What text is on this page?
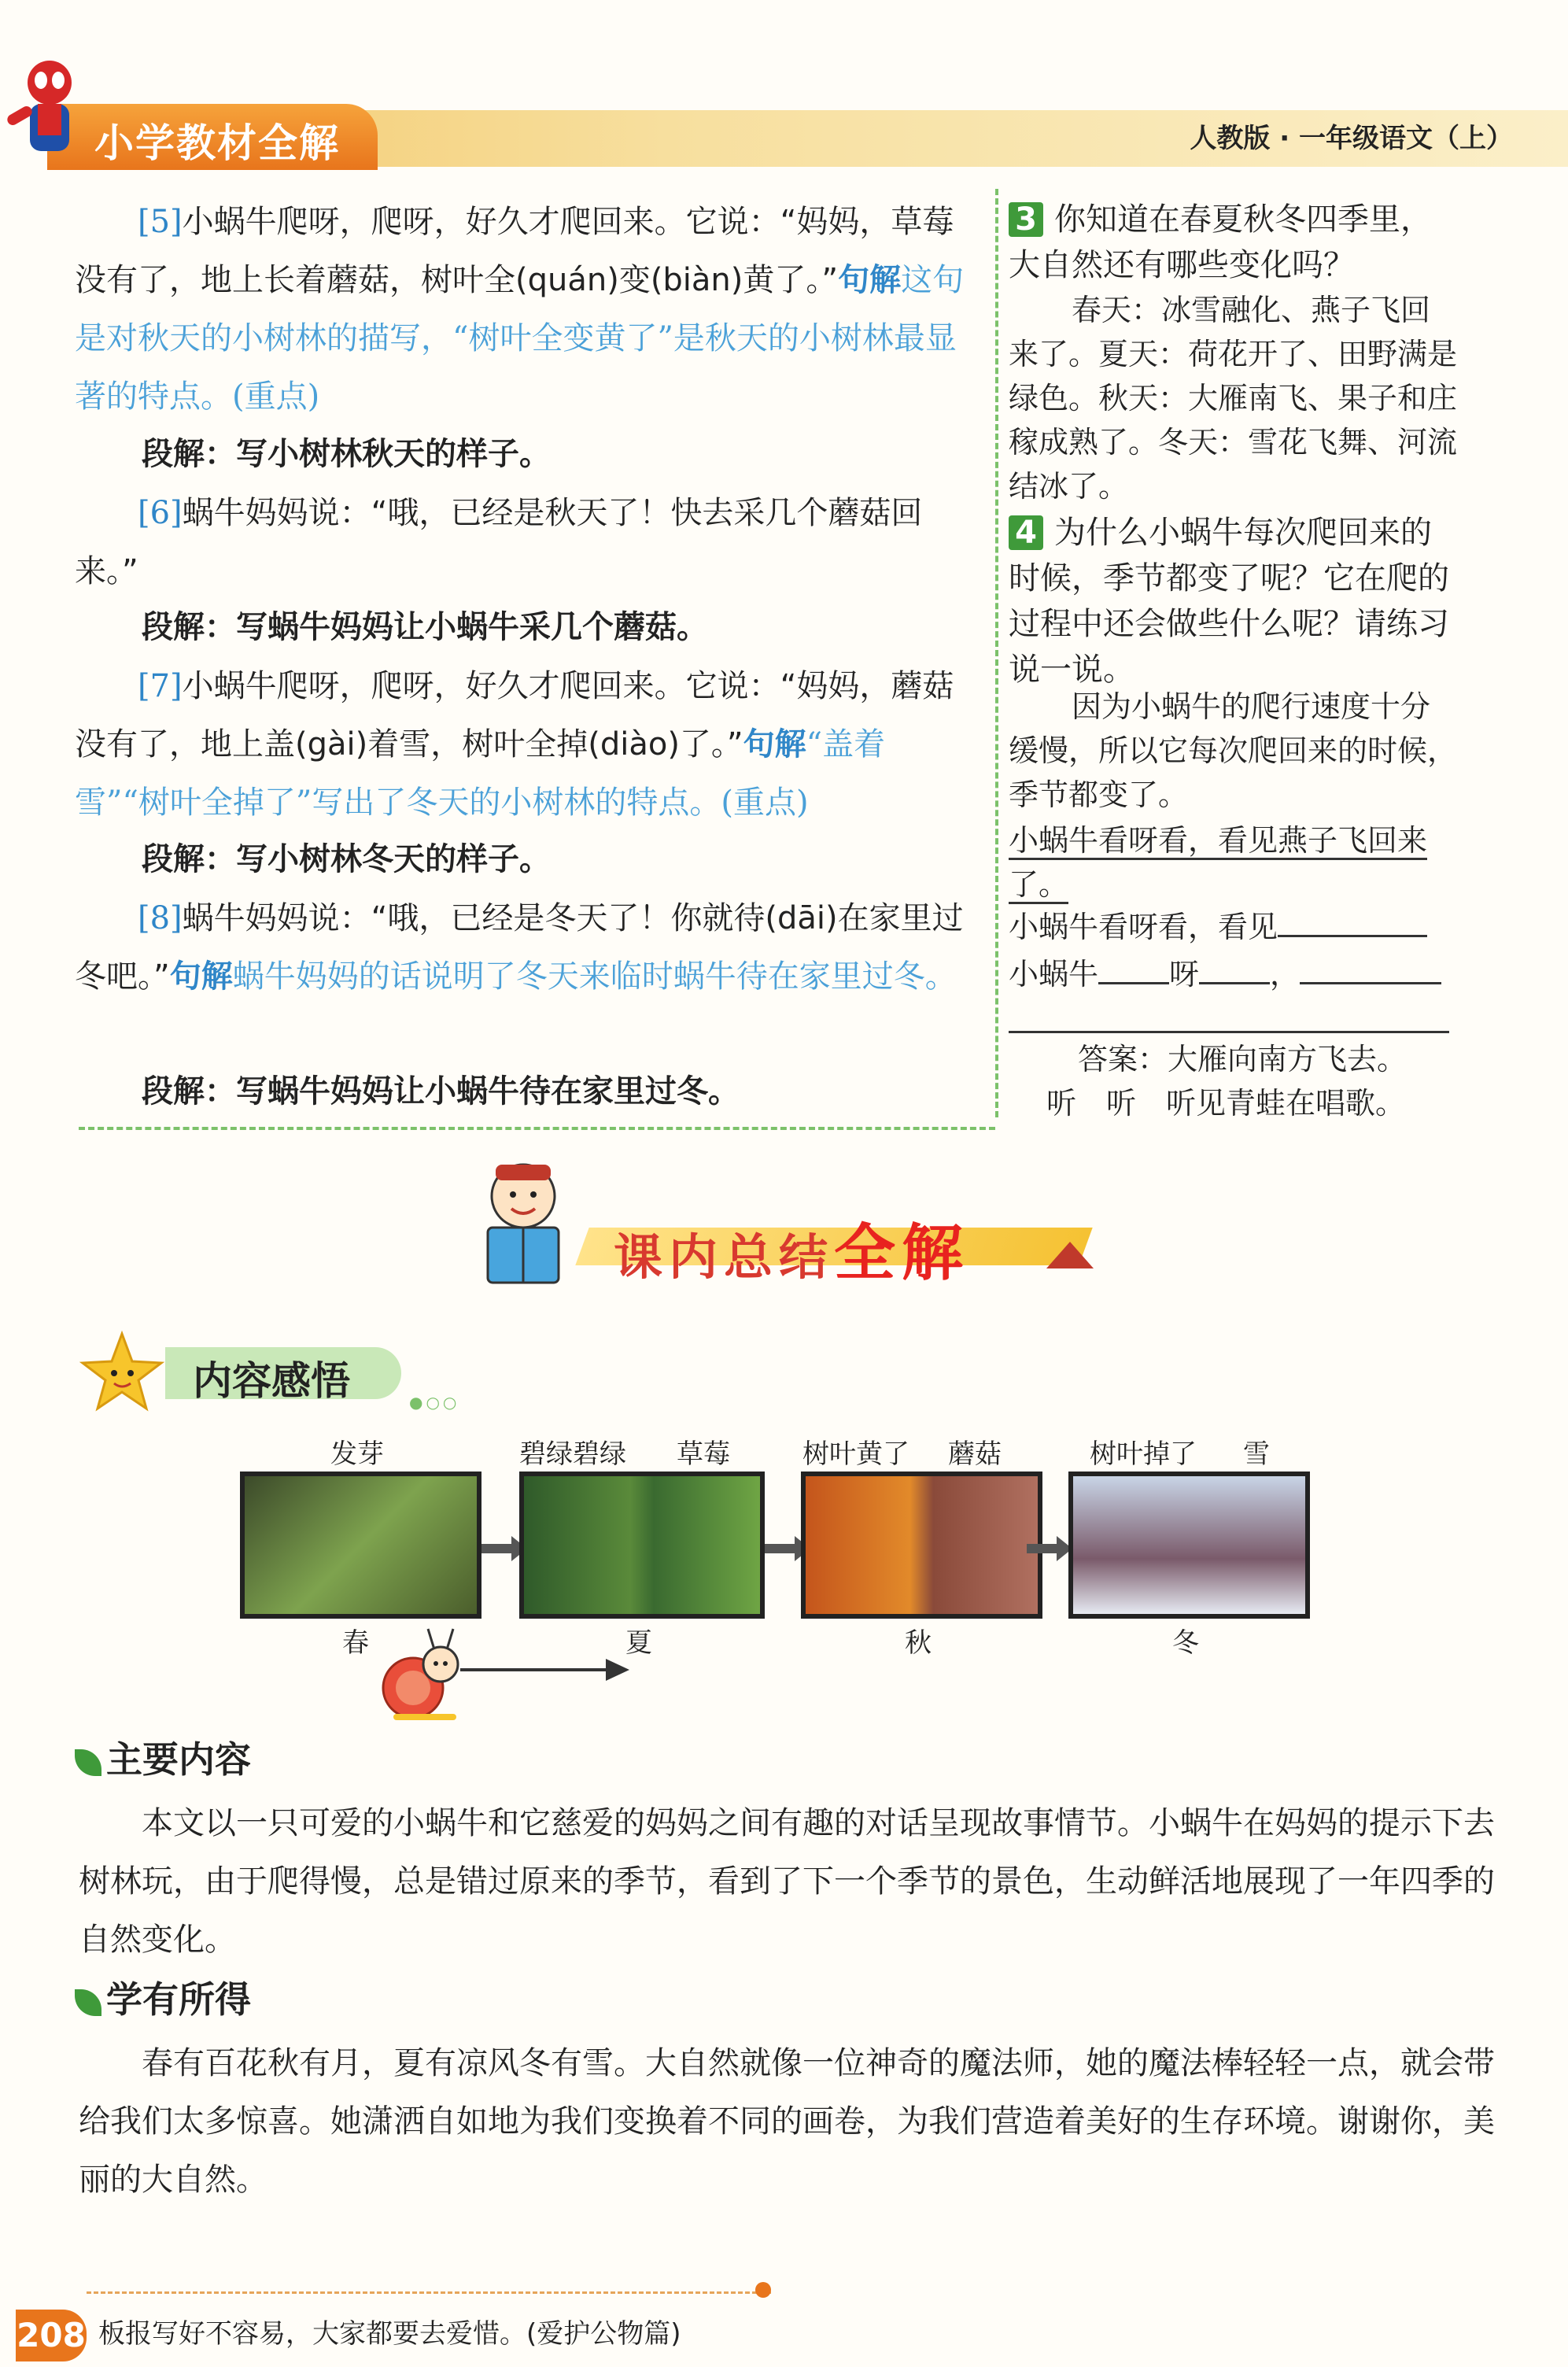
小学教材全解	人教版 · 一年级语文（上）
[5]小蜗牛爬呀，爬呀，好久才爬回来。它说：“妈妈，草莓没有了，地上长着蘑菇，树叶全(quán)变(biàn)黄了。”句解这句是对秋天的小树林的描写，“树叶全变黄了”是秋天的小树林最显著的特点。(重点)
段解：写小树林秋天的样子。
[6]蜗牛妈妈说：“哦，已经是秋天了！快去采几个蘑菇回来。”
段解：写蜗牛妈妈让小蜗牛采几个蘑菇。
[7]小蜗牛爬呀，爬呀，好久才爬回来。它说：“妈妈，蘑菇没有了，地上盖(gài)着雪，树叶全掉(diào)了。”句解“盖着雪”“树叶全掉了”写出了冬天的小树林的特点。(重点)
段解：写小树林冬天的样子。
[8]蜗牛妈妈说：“哦，已经是冬天了！你就待(dāi)在家里过冬吧。”句解蜗牛妈妈的话说明了冬天来临时蜗牛待在家里过冬。
段解：写蜗牛妈妈让小蜗牛待在家里过冬。
3 你知道在春夏秋冬四季里，大自然还有哪些变化吗？
春天：冰雪融化、燕子飞回来了。夏天：荷花开了、田野满是绿色。秋天：大雁南飞、果子和庄稼成熟了。冬天：雪花飞舞、河流结冰了。
4 为什么小蜗牛每次爬回来的时候，季节都变了呢？它在爬的过程中还会做些什么呢？请练习说一说。
因为小蜗牛的爬行速度十分缓慢，所以它每次爬回来的时候，季节都变了。
小蜗牛看呀看，看见燕子飞回来了。
小蜗牛看呀看，看见
小蜗牛 呀 ，
答案：大雁向南方飞去。
听　听　听见青蛙在唱歌。
课内总结全解
内容感悟	●○○
发芽	碧绿碧绿 草莓	树叶黄了 蘑菇	树叶掉了 雪
春	夏	秋	冬
主要内容
本文以一只可爱的小蜗牛和它慈爱的妈妈之间有趣的对话呈现故事情节。小蜗牛在妈妈的提示下去树林玩，由于爬得慢，总是错过原来的季节，看到了下一个季节的景色，生动鲜活地展现了一年四季的自然变化。
学有所得
春有百花秋有月，夏有凉风冬有雪。大自然就像一位神奇的魔法师，她的魔法棒轻轻一点，就会带给我们太多惊喜。她潇洒自如地为我们变换着不同的画卷，为我们营造着美好的生存环境。谢谢你，美丽的大自然。
208 板报写好不容易，大家都要去爱惜。(爱护公物篇)
